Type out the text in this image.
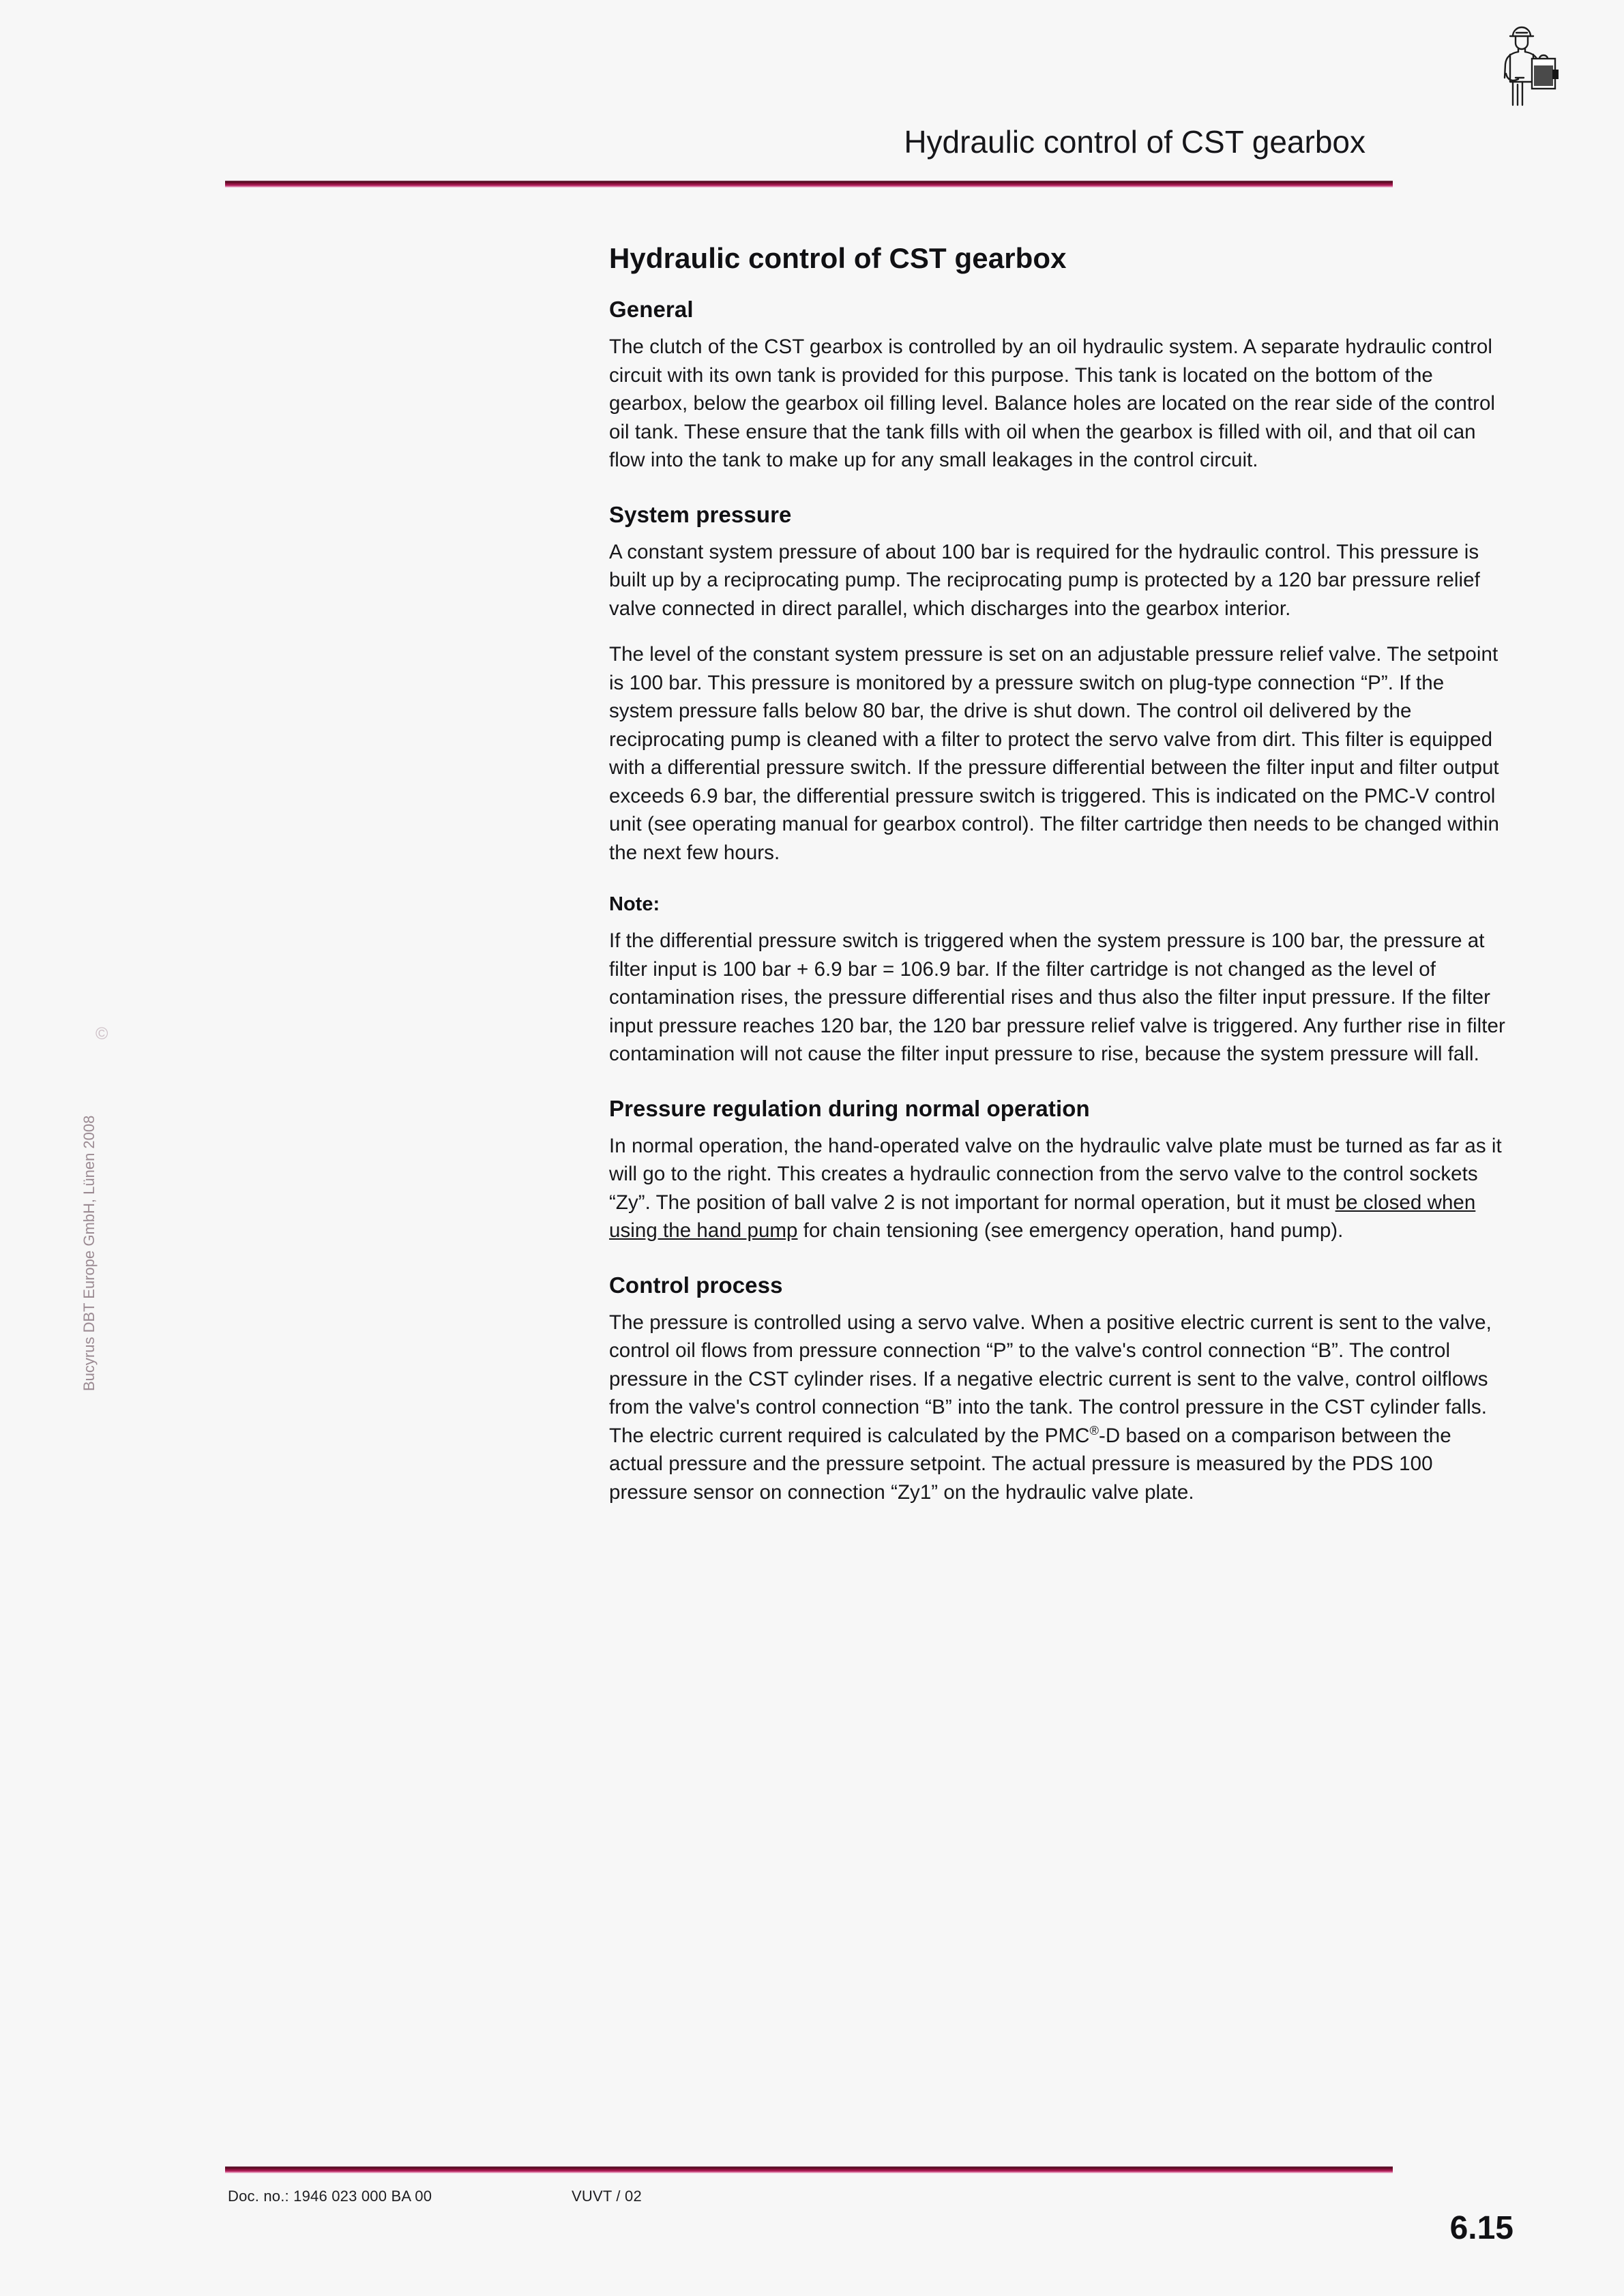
Hydraulic control of CST gearbox
©
Bucyrus DBT Europe GmbH, Lünen 2008
Hydraulic control of CST gearbox
General

The clutch of the CST gearbox is controlled by an oil hydraulic system. A separate hydraulic control circuit with its own tank is provided for this purpose. This tank is located on the bottom of the gearbox, below the gearbox oil filling level. Balance holes are located on the rear side of the control oil tank. These ensure that the tank fills with oil when the gearbox is filled with oil, and that oil can flow into the tank to make up for any small leakages in the control circuit.

System pressure

A constant system pressure of about 100 bar is required for the hydraulic control. This pressure is built up by a reciprocating pump. The reciprocating pump is protected by a 120 bar pressure relief valve connected in direct parallel, which discharges into the gearbox interior.

The level of the constant system pressure is set on an adjustable pressure relief valve. The setpoint is 100 bar. This pressure is monitored by a pressure switch on plug-type connection “P”. If the system pressure falls below 80 bar, the drive is shut down. The control oil delivered by the reciprocating pump is cleaned with a filter to protect the servo valve from dirt. This filter is equipped with a differential pressure switch. If the pressure differential between the filter input and filter output exceeds 6.9 bar, the differential pressure switch is triggered. This is indicated on the PMC-V control unit (see operating manual for gearbox control). The filter cartridge then needs to be changed within the next few hours.

Note:

If the differential pressure switch is triggered when the system pressure is 100 bar, the pressure at filter input is 100 bar + 6.9 bar = 106.9 bar. If the filter cartridge is not changed as the level of contamination rises, the pressure differential rises and thus also the filter input pressure. If the filter input pressure reaches 120 bar, the 120 bar pressure relief valve is triggered. Any further rise in filter contamination will not cause the filter input pressure to rise, because the system pressure will fall.

Pressure regulation during normal operation

In normal operation, the hand-operated valve on the hydraulic valve plate must be turned as far as it will go to the right. This creates a hydraulic connection from the servo valve to the control sockets “Zy”. The position of ball valve 2 is not important for normal operation, but it must be closed when using the hand pump for chain tensioning (see emergency operation, hand pump).

Control process

The pressure is controlled using a servo valve. When a positive electric current is sent to the valve, control oil flows from pressure connection “P” to the valve's control connection “B”. The control pressure in the CST cylinder rises. If a negative electric current is sent to the valve, control oilflows from the valve's control connection “B” into the tank. The control pressure in the CST cylinder falls. The electric current required is calculated by the PMC®-D based on a comparison between the actual pressure and the pressure setpoint. The actual pressure is measured by the PDS 100 pressure sensor on connection “Zy1” on the hydraulic valve plate.

Doc. no.: 1946 023 000 BA 00	VUVT / 02
6.15
